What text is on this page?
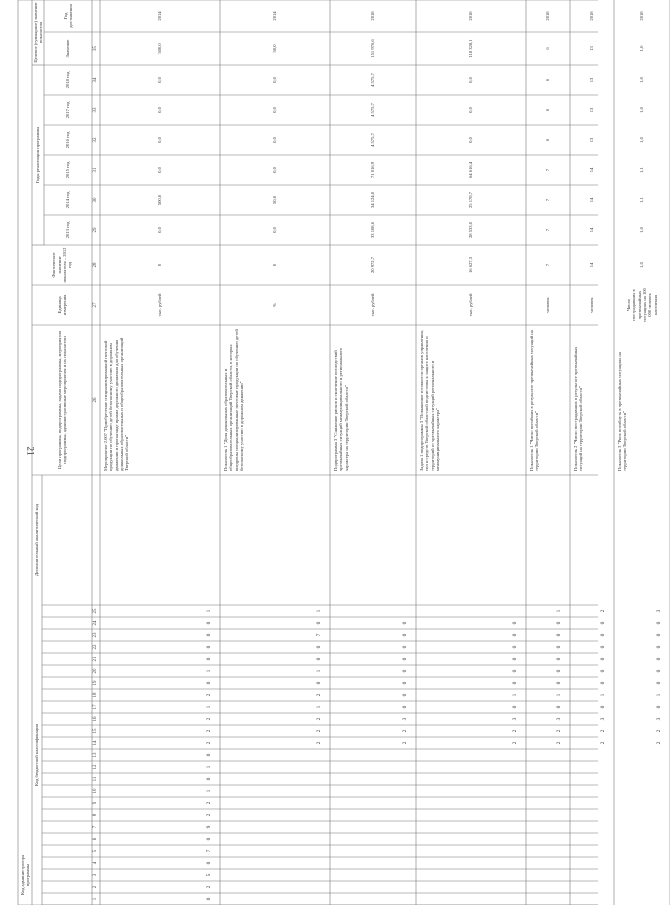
21
Код администратора программы
Код бюджетной классификации
Дополнительный аналитический код
Цели программы, подпрограммы, задачи подпрограммы, мероприятия подпрограммы, административные мероприятия и их показатели
Единица измерения
Фактическое значение показателя – 2012 год
Годы реализации программы
Целевое (суммарное) значение показателя
Значение
Год достижения
2013 год
2014 год
2015 год
2016 год
2017 год
2018 год
1
2
3
4
5
6
7
8
9
10
11
12
13
14
15
16
17
18
19
20
21
22
23
24
25
26
27
28
29
30
31
32
33
34
35
0
2
5
0
7
0
9
2
2
1
0
1
0
2
2
2
1
2
0
1
0
0
0
0
1
Мероприятие 2.007 "Приобретение специализированной почтовой продукции по обучению детей безопасному участию в дорожном движении и пропаганде правил дорожного движения для обучения дошкольных образовательных и общеобразовательных организаций Тверской области"
тыс. рублей
0
0,0
500,0
0,0
0,0
0,0
0,0
500,0
2014
2
2
2
1
2
0
1
0
0
7
0
1
Показатель 1 "Доля дошкольных образовательных и общеобразовательных организаций Тверской области, в которых внедрены специализированные почтовые продукции по обучению детей безопасному участию в дорожном движении"
%
0
0,0
50,0
0,0
0,0
0,0
0,0
50,0
2014
2
2
3
0
0
0
0
0
0
0
0
Подпрограмма 3 "Снижение рисков и смягчение последствий чрезвычайных ситуаций межмуниципального и регионального характера на территории Тверской области"
тыс. рублей
20 972,7
33 108,6
34 124,0
71 016,9
4 575,7
4 575,7
4 575,7
151 976,6
2018
2
2
3
0
1
0
0
0
0
0
0
Задача 1 подпрограммы 3 "Повышение готовности органов управления, сил и средств Тверской областной подсистемы к защите населения и территорий от чрезвычайных ситуаций регионального и межмуниципального характера"
тыс. рублей
16 627,3
28 533,0
25 178,7
64 616,4
0,0
0,0
0,0
118 328,1
2018
2
2
3
0
1
0
0
0
0
0
0
1
Показатель 1 "Число погибших в результате чрезвычайных ситуаций на территории Тверской области"
человек
7
7
7
7
6
6
6
6
2018
2
2
3
0
1
0
0
0
0
0
0
2
Показатель 2 "Число пострадавших в результате чрезвычайных ситуаций на территории Тверской области"
человек
14
14
14
14
13
13
13
13
2018
2
2
3
0
1
0
0
0
0
0
0
3
Показатель 3 "Риск погибнуть в чрезвычайных ситуациях на территории Тверской области"
Число пострадавших в чрезвычайных ситуациях на 100 000 человек населения
1,0
1,0
1,1
1,1
1,0
1,0
1,0
1,0
2018
